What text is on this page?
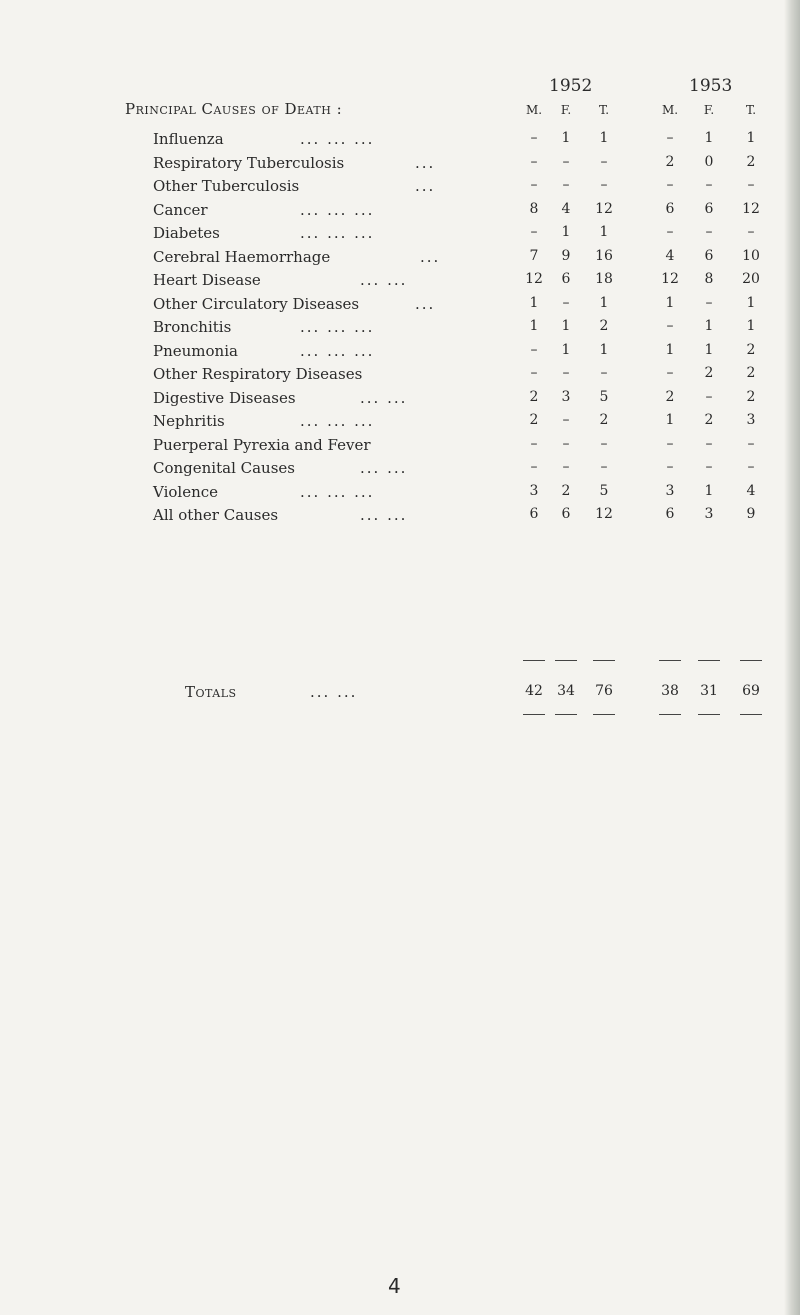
1952	1953
Principal Causes of Death :	M.	F.	T.	M.	F.	T.
Influenza	... ... ...	–	1	1	–	1	1
Respiratory Tuberculosis	...	–	–	–	2	0	2
Other Tuberculosis	...	–	–	–	–	–	–
Cancer	... ... ...	8	4	12	6	6	12
Diabetes	... ... ...	–	1	1	–	–	–
Cerebral Haemorrhage	...	7	9	16	4	6	10
Heart Disease	... ...	12	6	18	12	8	20
Other Circulatory Diseases	...	1	–	1	1	–	1
Bronchitis	... ... ...	1	1	2	–	1	1
Pneumonia	... ... ...	–	1	1	1	1	2
Other Respiratory Diseases	–	–	–	–	2	2
Digestive Diseases	... ...	2	3	5	2	–	2
Nephritis	... ... ...	2	–	2	1	2	3
Puerperal Pyrexia and Fever	–	–	–	–	–	–
Congenital Causes	... ...	–	–	–	–	–	–
Violence	... ... ...	3	2	5	3	1	4
All other Causes	... ...	6	6	12	6	3	9
Totals	... ...	42	34	76	38	31	69
4
